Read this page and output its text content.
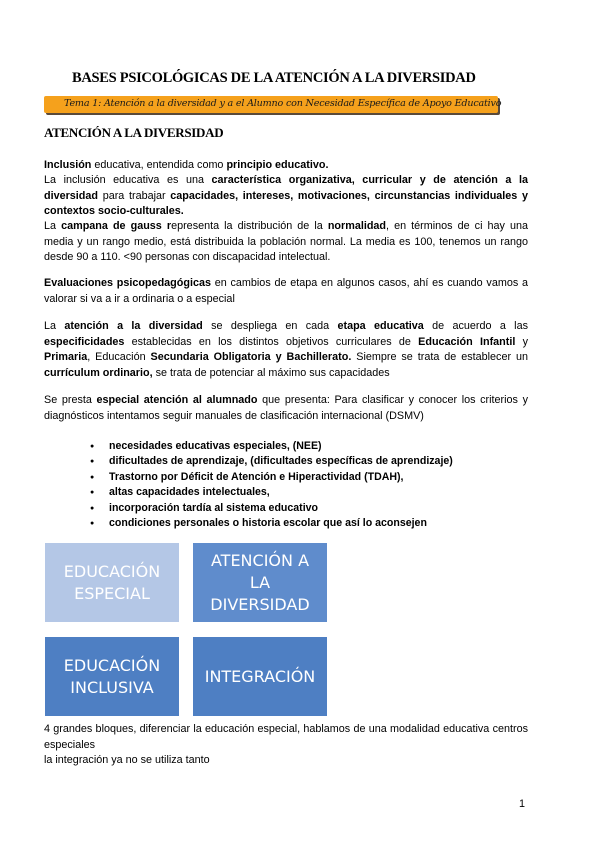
BASES PSICOLÓGICAS DE LA ATENCIÓN A LA DIVERSIDAD
Tema 1: Atención a la diversidad y a el Alumno con Necesidad Específica de Apoyo Educativo
ATENCIÓN A LA DIVERSIDAD
Inclusión educativa, entendida como principio educativo.
La inclusión educativa es una característica organizativa, curricular y de atención a la diversidad para trabajar capacidades, intereses, motivaciones, circunstancias individuales y contextos socio-culturales.
La campana de gauss representa la distribución de la normalidad, en términos de ci hay una media y un rango medio, está distribuida la población normal. La media es 100, tenemos un rango desde 90 a 110. <90 personas con discapacidad intelectual.
Evaluaciones psicopedagógicas en cambios de etapa en algunos casos, ahí es cuando vamos a valorar si va a ir a ordinaria o a especial
La atención a la diversidad se despliega en cada etapa educativa de acuerdo a las especificidades establecidas en los distintos objetivos curriculares de Educación Infantil y Primaria, Educación Secundaria Obligatoria y Bachillerato. Siempre se trata de establecer un currículum ordinario, se trata de potenciar al máximo sus capacidades
Se presta especial atención al alumnado que presenta: Para clasificar y conocer los criterios y diagnósticos intentamos seguir manuales de clasificación internacional (DSMV)
● necesidades educativas especiales, (NEE)
● dificultades de aprendizaje, (dificultades específicas de aprendizaje)
● Trastorno por Déficit de Atención e Hiperactividad (TDAH),
● altas capacidades intelectuales,
● incorporación tardía al sistema educativo
● condiciones personales o historia escolar que así lo aconsejen
EDUCACIÓN ESPECIAL
ATENCIÓN A LA DIVERSIDAD
EDUCACIÓN INCLUSIVA
INTEGRACIÓN
4 grandes bloques, diferenciar la educación especial, hablamos de una modalidad educativa centros especiales
la integración ya no se utiliza tanto
1
